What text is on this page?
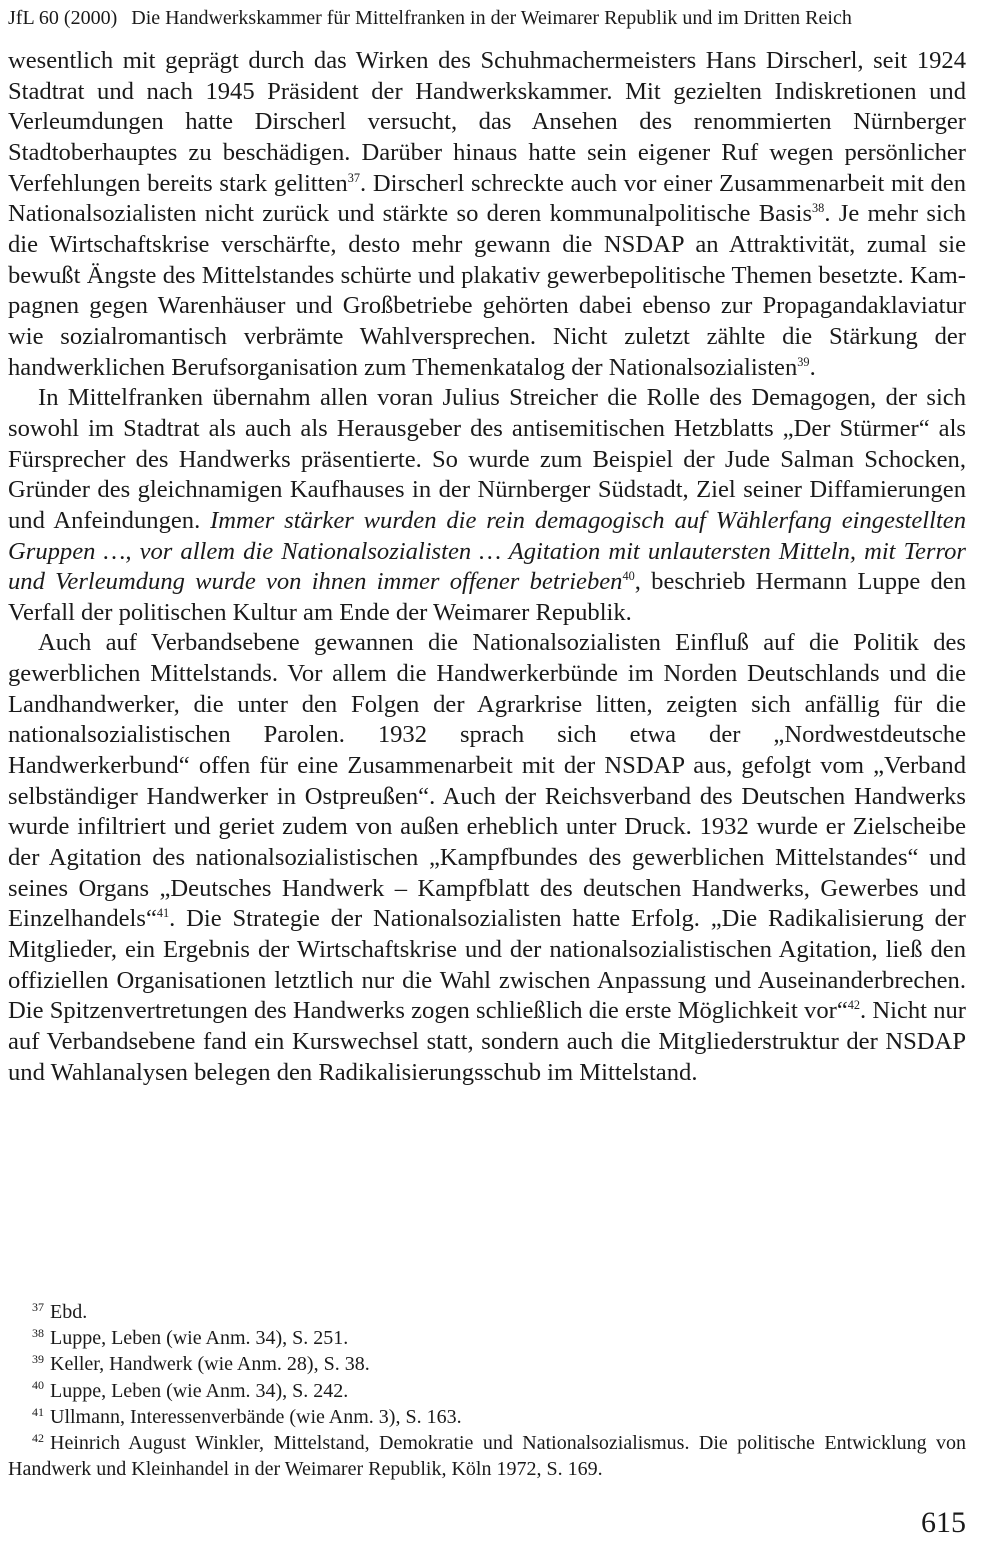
JfL 60 (2000) Die Handwerkskammer für Mittelfranken in der Weimarer Republik und im Dritten Reich

wesentlich mit geprägt durch das Wirken des Schuhmachermeisters Hans Dirscherl, seit 1924 Stadtrat und nach 1945 Präsident der Handwerkskammer. Mit gezielten Indiskretionen und Verleumdungen hatte Dirscherl versucht, das Ansehen des renommierten Nürnberger Stadtoberhauptes zu beschädigen. Darüber hinaus hatte sein eigener Ruf wegen persönlicher Verfehlungen bereits stark gelitten$^{37}$. Dirscherl schreckte auch vor einer Zusammenarbeit mit den Nationalsozialisten nicht zurück und stärkte so deren kommunalpolitische Basis$^{38}$. Je mehr sich die Wirtschaftskrise verschärfte, desto mehr gewann die NSDAP an Attraktivität, zumal sie bewußt Ängste des Mittelstandes schürte und plakativ gewerbepolitische Themen besetzte. Kampagnen gegen Warenhäuser und Großbetriebe gehörten dabei ebenso zur Propagandaklaviatur wie sozialromantisch verbrämte Wahlversprechen. Nicht zuletzt zählte die Stärkung der handwerklichen Berufsorganisation zum Themenkatalog der Nationalsozialisten$^{39}$.

In Mittelfranken übernahm allen voran Julius Streicher die Rolle des Demagogen, der sich sowohl im Stadtrat als auch als Herausgeber des antisemitischen Hetzblatts „Der Stürmer“ als Fürsprecher des Handwerks präsentierte. So wurde zum Beispiel der Jude Salman Schocken, Gründer des gleichnamigen Kaufhauses in der Nürnberger Südstadt, Ziel seiner Diffamierungen und Anfeindungen. Immer stärker wurden die rein demagogisch auf Wählerfang eingestellten Gruppen …, vor allem die Nationalsozialisten … Agitation mit unlautersten Mitteln, mit Terror und Verleumdung wurde von ihnen immer offener betrieben$^{40}$, beschrieb Hermann Luppe den Verfall der politischen Kultur am Ende der Weimarer Republik.

Auch auf Verbandsebene gewannen die Nationalsozialisten Einfluß auf die Politik des gewerblichen Mittelstands. Vor allem die Handwerkerbünde im Norden Deutschlands und die Landhandwerker, die unter den Folgen der Agrarkrise litten, zeigten sich anfällig für die nationalsozialistischen Parolen. 1932 sprach sich etwa der „Nordwestdeutsche Handwerkerbund“ offen für eine Zusammenarbeit mit der NSDAP aus, gefolgt vom „Verband selbständiger Handwerker in Ostpreußen“. Auch der Reichsverband des Deutschen Handwerks wurde infiltriert und geriet zudem von außen erheblich unter Druck. 1932 wurde er Zielscheibe der Agitation des nationalsozialistischen „Kampfbundes des gewerblichen Mittelstandes“ und seines Organs „Deutsches Handwerk – Kampfblatt des deutschen Handwerks, Gewerbes und Einzelhandels“$^{41}$. Die Strategie der Nationalsozialisten hatte Erfolg. „Die Radikalisierung der Mitglieder, ein Ergebnis der Wirtschaftskrise und der nationalsozialistischen Agitation, ließ den offiziellen Organisationen letztlich nur die Wahl zwischen Anpassung und Auseinanderbrechen. Die Spitzenvertretungen des Handwerks zogen schließlich die erste Möglichkeit vor“$^{42}$. Nicht nur auf Verbandsebene fand ein Kurswechsel statt, sondern auch die Mitgliederstruktur der NSDAP und Wahlanalysen belegen den Radikalisierungsschub im Mittelstand.

$^{37}$ Ebd.

$^{38}$ Luppe, Leben (wie Anm. 34), S. 251.

$^{39}$ Keller, Handwerk (wie Anm. 28), S. 38.

$^{40}$ Luppe, Leben (wie Anm. 34), S. 242.

$^{41}$ Ullmann, Interessenverbände (wie Anm. 3), S. 163.

$^{42}$ Heinrich August Winkler, Mittelstand, Demokratie und Nationalsozialismus. Die politische Entwicklung von Handwerk und Kleinhandel in der Weimarer Republik, Köln 1972, S. 169.

615
